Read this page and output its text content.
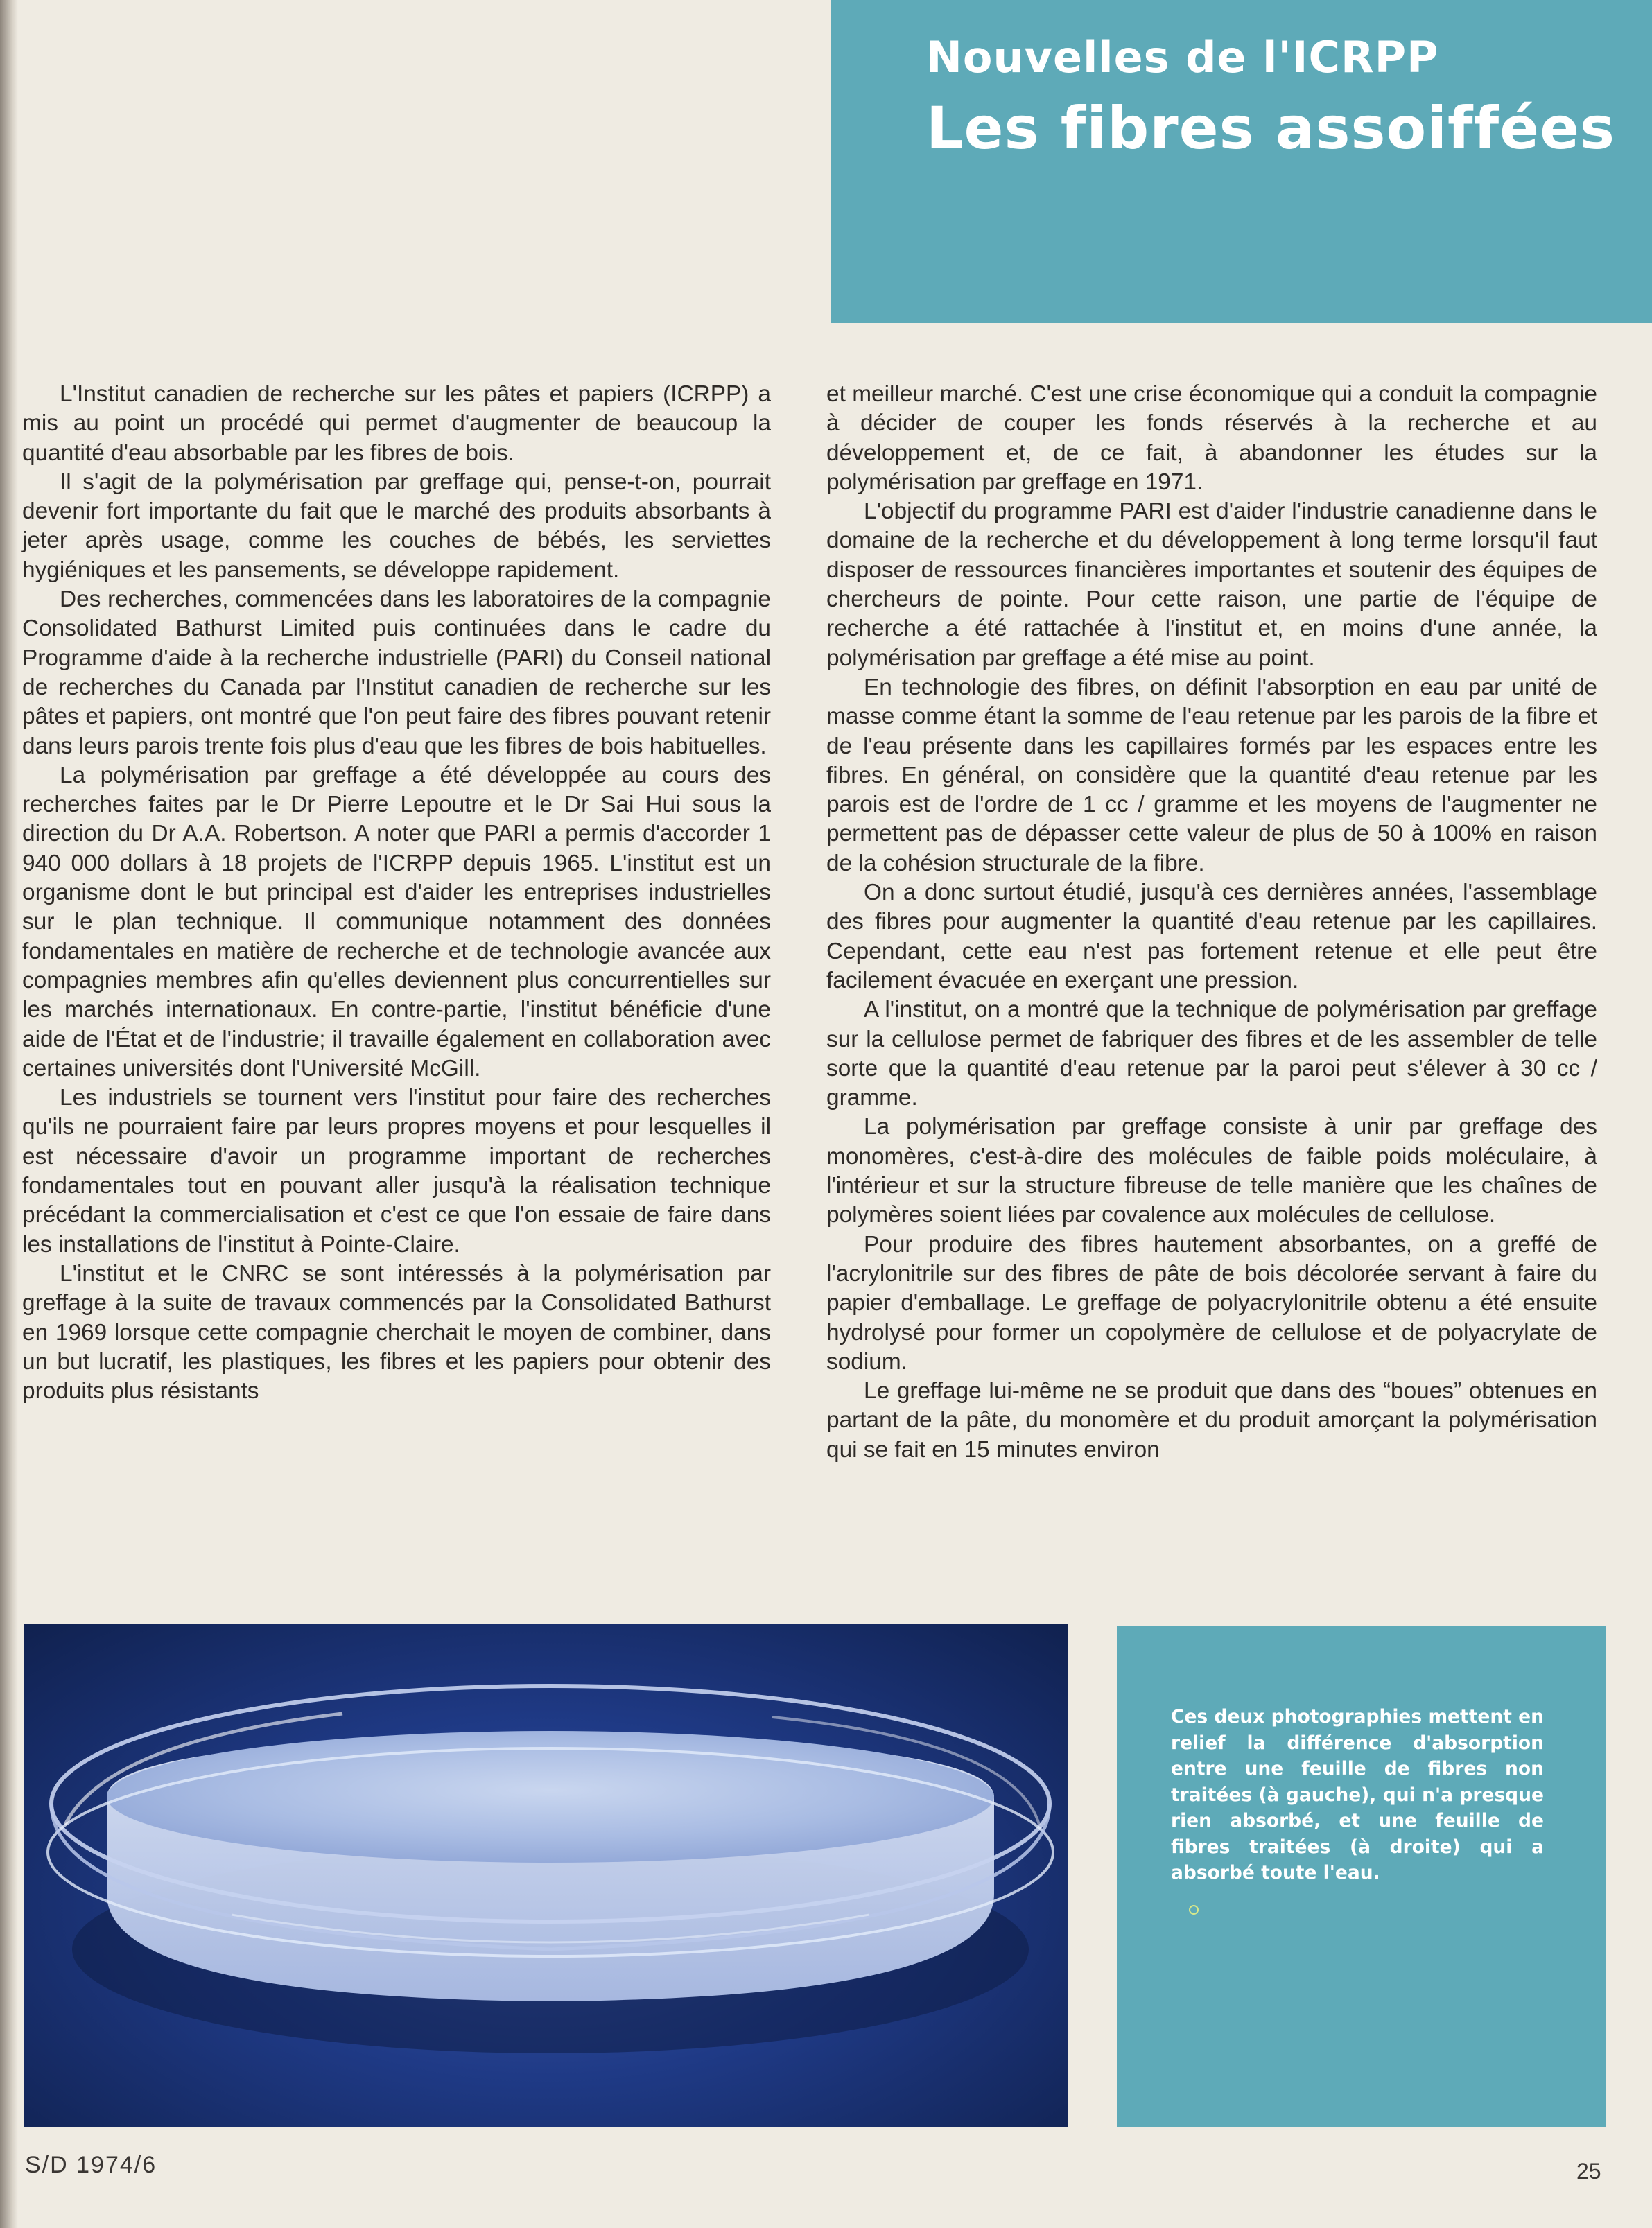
Nouvelles de l'ICRPP
Les fibres assoiffées

L'Institut canadien de recherche sur les pâtes et papiers (ICRPP) a mis au point un procédé qui permet d'augmenter de beaucoup la quantité d'eau absorbable par les fibres de bois.

Il s'agit de la polymérisation par greffage qui, pense-t-on, pourrait devenir fort importante du fait que le marché des produits absorbants à jeter après usage, comme les couches de bébés, les serviettes hygiéniques et les pansements, se développe rapidement.

Des recherches, commencées dans les laboratoires de la compagnie Consolidated Bathurst Limited puis continuées dans le cadre du Programme d'aide à la recherche industrielle (PARI) du Conseil national de recherches du Canada par l'Institut canadien de recherche sur les pâtes et papiers, ont montré que l'on peut faire des fibres pouvant retenir dans leurs parois trente fois plus d'eau que les fibres de bois habituelles.

La polymérisation par greffage a été développée au cours des recherches faites par le Dr Pierre Lepoutre et le Dr Sai Hui sous la direction du Dr A.A. Robertson. A noter que PARI a permis d'accorder 1 940 000 dollars à 18 projets de l'ICRPP depuis 1965. L'institut est un organisme dont le but principal est d'aider les entreprises industrielles sur le plan technique. Il communique notamment des données fondamentales en matière de recherche et de technologie avancée aux compagnies membres afin qu'elles deviennent plus concurrentielles sur les marchés internationaux. En contre-partie, l'institut bénéficie d'une aide de l'État et de l'industrie; il travaille également en collaboration avec certaines universités dont l'Université McGill.

Les industriels se tournent vers l'institut pour faire des recherches qu'ils ne pourraient faire par leurs propres moyens et pour lesquelles il est nécessaire d'avoir un programme important de recherches fondamentales tout en pouvant aller jusqu'à la réalisation technique précédant la commercialisation et c'est ce que l'on essaie de faire dans les installations de l'institut à Pointe-Claire.

L'institut et le CNRC se sont intéressés à la polymérisation par greffage à la suite de travaux commencés par la Consolidated Bathurst en 1969 lorsque cette compagnie cherchait le moyen de combiner, dans un but lucratif, les plastiques, les fibres et les papiers pour obtenir des produits plus résistants

et meilleur marché. C'est une crise économique qui a conduit la compagnie à décider de couper les fonds réservés à la recherche et au développement et, de ce fait, à abandonner les études sur la polymérisation par greffage en 1971.

L'objectif du programme PARI est d'aider l'industrie canadienne dans le domaine de la recherche et du développement à long terme lorsqu'il faut disposer de ressources financières importantes et soutenir des équipes de chercheurs de pointe. Pour cette raison, une partie de l'équipe de recherche a été rattachée à l'institut et, en moins d'une année, la polymérisation par greffage a été mise au point.

En technologie des fibres, on définit l'absorption en eau par unité de masse comme étant la somme de l'eau retenue par les parois de la fibre et de l'eau présente dans les capillaires formés par les espaces entre les fibres. En général, on considère que la quantité d'eau retenue par les parois est de l'ordre de 1 cc / gramme et les moyens de l'augmenter ne permettent pas de dépasser cette valeur de plus de 50 à 100% en raison de la cohésion structurale de la fibre.

On a donc surtout étudié, jusqu'à ces dernières années, l'assemblage des fibres pour augmenter la quantité d'eau retenue par les capillaires. Cependant, cette eau n'est pas fortement retenue et elle peut être facilement évacuée en exerçant une pression.

A l'institut, on a montré que la technique de polymérisation par greffage sur la cellulose permet de fabriquer des fibres et de les assembler de telle sorte que la quantité d'eau retenue par la paroi peut s'élever à 30 cc / gramme.

La polymérisation par greffage consiste à unir par greffage des monomères, c'est-à-dire des molécules de faible poids moléculaire, à l'intérieur et sur la structure fibreuse de telle manière que les chaînes de polymères soient liées par covalence aux molécules de cellulose.

Pour produire des fibres hautement absorbantes, on a greffé de l'acrylonitrile sur des fibres de pâte de bois décolorée servant à faire du papier d'emballage. Le greffage de polyacrylonitrile obtenu a été ensuite hydrolysé pour former un copolymère de cellulose et de polyacrylate de sodium.

Le greffage lui-même ne se produit que dans des “boues” obtenues en partant de la pâte, du monomère et du produit amorçant la polymérisation qui se fait en 15 minutes environ

Ces deux photographies mettent en relief la différence d'absorption entre une feuille de fibres non traitées (à gauche), qui n'a presque rien absorbé, et une feuille de fibres traitées (à droite) qui a absorbé toute l'eau.
S/D 1974/6	25
